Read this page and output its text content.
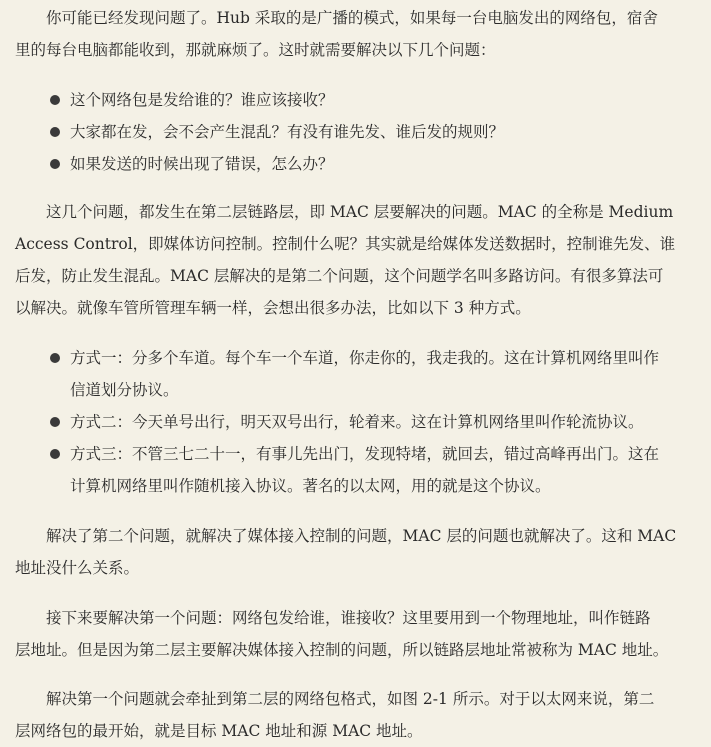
你可能已经发现问题了。Hub 采取的是广播的模式，如果每一台电脑发出的网络包，宿舍
里的每台电脑都能收到，那就麻烦了。这时就需要解决以下几个问题：

这个网络包是发给谁的？谁应该接收？
大家都在发，会不会产生混乱？有没有谁先发、谁后发的规则？
如果发送的时候出现了错误，怎么办？

这几个问题，都发生在第二层链路层，即 MAC 层要解决的问题。MAC 的全称是 Medium
Access Control，即媒体访问控制。控制什么呢？其实就是给媒体发送数据时，控制谁先发、谁
后发，防止发生混乱。MAC 层解决的是第二个问题，这个问题学名叫多路访问。有很多算法可
以解决。就像车管所管理车辆一样，会想出很多办法，比如以下 3 种方式。

方式一：分多个车道。每个车一个车道，你走你的，我走我的。这在计算机网络里叫作
信道划分协议。
方式二：今天单号出行，明天双号出行，轮着来。这在计算机网络里叫作轮流协议。
方式三：不管三七二十一，有事儿先出门，发现特堵，就回去，错过高峰再出门。这在
计算机网络里叫作随机接入协议。著名的以太网，用的就是这个协议。

解决了第二个问题，就解决了媒体接入控制的问题，MAC 层的问题也就解决了。这和 MAC
地址没什么关系。

接下来要解决第一个问题：网络包发给谁，谁接收？这里要用到一个物理地址，叫作链路
层地址。但是因为第二层主要解决媒体接入控制的问题，所以链路层地址常被称为 MAC 地址。

解决第一个问题就会牵扯到第二层的网络包格式，如图 2-1 所示。对于以太网来说，第二
层网络包的最开始，就是目标 MAC 地址和源 MAC 地址。
